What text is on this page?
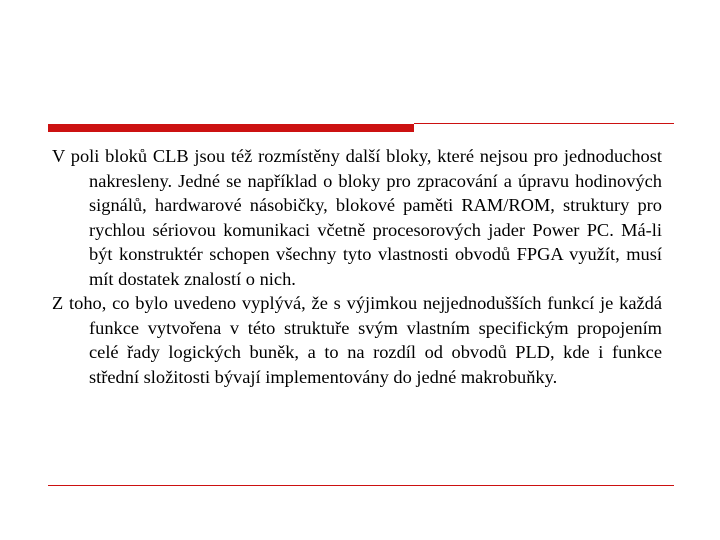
V poli bloků CLB jsou též rozmístěny další bloky, které nejsou pro jednoduchost nakresleny. Jedné se například o bloky pro zpracování a úpravu hodinových signálů, hardwarové násobičky, blokové paměti RAM/ROM, struktury pro rychlou sériovou komunikaci včetně procesorových jader Power PC. Má-li být konstruktér schopen všechny tyto vlastnosti obvodů FPGA využít, musí mít dostatek znalostí o nich.

Z toho, co bylo uvedeno vyplývá, že s výjimkou nejjednodušších funkcí je každá funkce vytvořena v této struktuře svým vlastním specifickým propojením celé řady logických buněk, a to na rozdíl od obvodů PLD, kde i funkce střední složitosti bývají implementovány do jedné makrobuňky.
